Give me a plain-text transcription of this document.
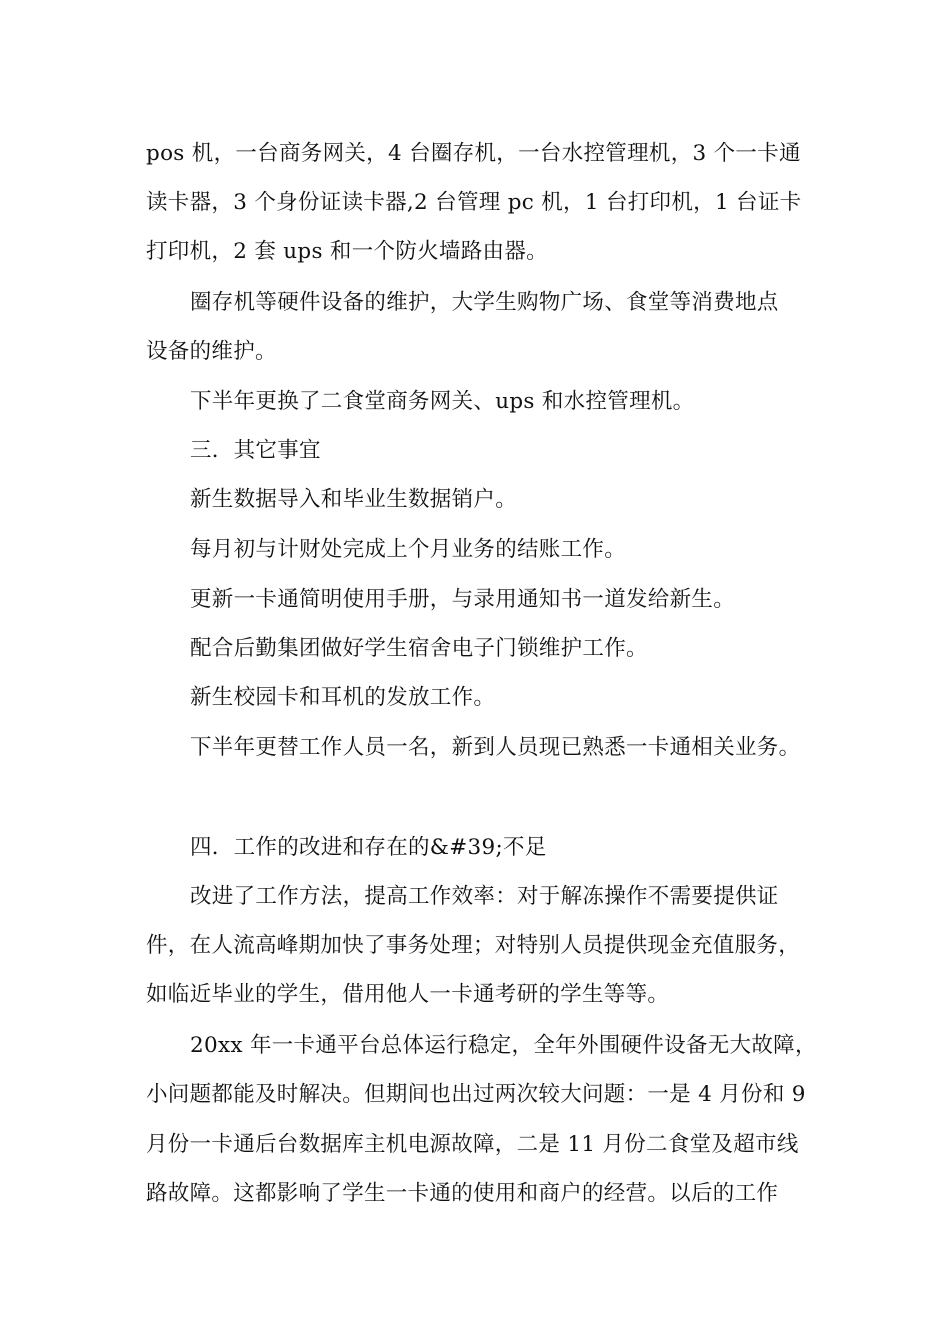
pos 机，一台商务网关，4 台圈存机，一台水控管理机，3 个一卡通
读卡器，3 个身份证读卡器,2 台管理 pc 机，1 台打印机，1 台证卡
打印机，2 套 ups 和一个防火墙路由器。
圈存机等硬件设备的维护，大学生购物广场、食堂等消费地点
设备的维护。
下半年更换了二食堂商务网关、ups 和水控管理机。
三．其它事宜
新生数据导入和毕业生数据销户。
每月初与计财处完成上个月业务的结账工作。
更新一卡通简明使用手册，与录用通知书一道发给新生。
配合后勤集团做好学生宿舍电子门锁维护工作。
新生校园卡和耳机的发放工作。
下半年更替工作人员一名，新到人员现已熟悉一卡通相关业务。
四．工作的改进和存在的&#39;不足
改进了工作方法，提高工作效率：对于解冻操作不需要提供证
件，在人流高峰期加快了事务处理；对特别人员提供现金充值服务，
如临近毕业的学生，借用他人一卡通考研的学生等等。
20xx 年一卡通平台总体运行稳定，全年外围硬件设备无大故障，
小问题都能及时解决。但期间也出过两次较大问题：一是 4 月份和 9
月份一卡通后台数据库主机电源故障，二是 11 月份二食堂及超市线
路故障。这都影响了学生一卡通的使用和商户的经营。以后的工作
